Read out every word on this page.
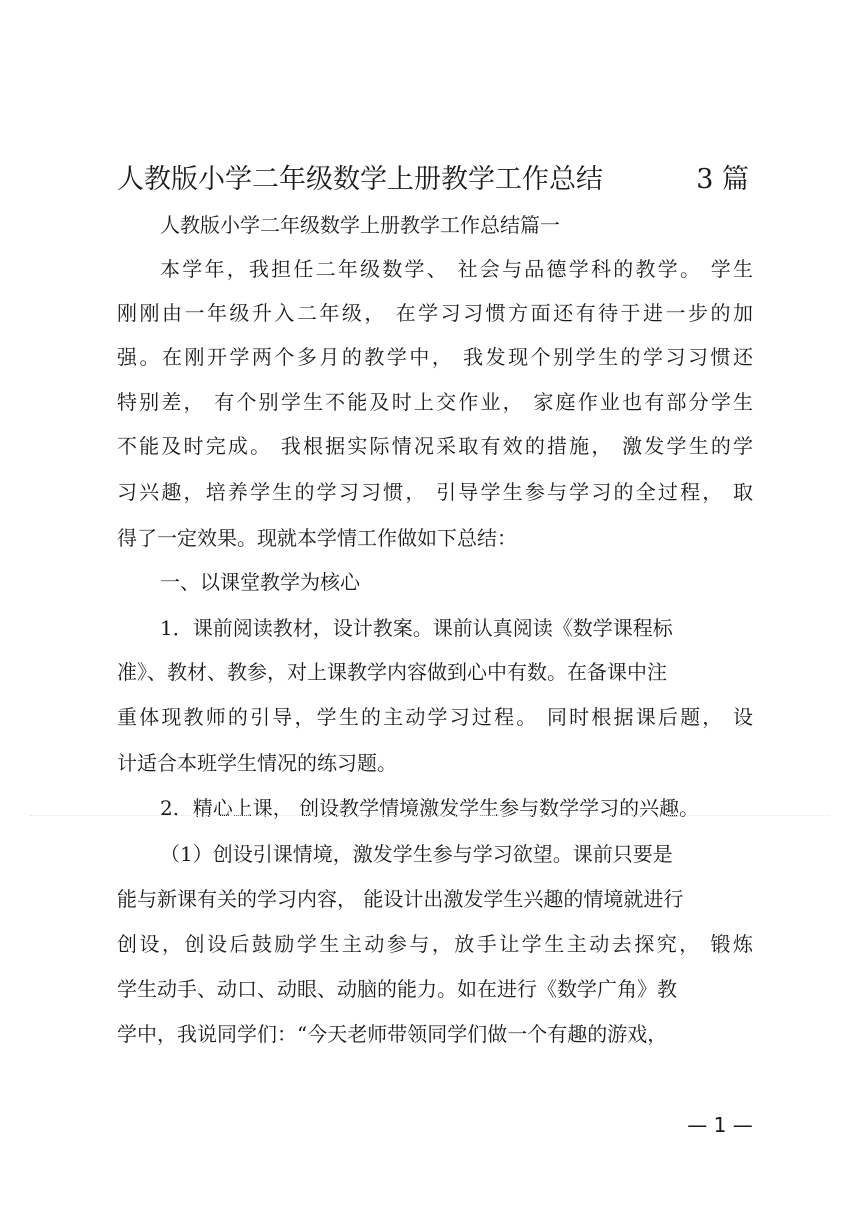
人教版小学二年级数学上册教学工作总结	3 篇
人教版小学二年级数学上册教学工作总结篇一
本学年，我担任二年级数学、 社会与品德学科的教学。 学生
刚刚由一年级升入二年级， 在学习习惯方面还有待于进一步的加
强。在刚开学两个多月的教学中， 我发现个别学生的学习习惯还
特别差， 有个别学生不能及时上交作业， 家庭作业也有部分学生
不能及时完成。 我根据实际情况采取有效的措施， 激发学生的学
习兴趣，培养学生的学习习惯， 引导学生参与学习的全过程， 取
得了一定效果。现就本学情工作做如下总结：
一、以课堂教学为核心
1．课前阅读教材，设计教案。课前认真阅读《数学课程标
准》、教材、教参，对上课教学内容做到心中有数。在备课中注
重体现教师的引导，学生的主动学习过程。 同时根据课后题， 设
计适合本班学生情况的练习题。
2．精心上课， 创设教学情境激发学生参与数学学习的兴趣。
（1）创设引课情境，激发学生参与学习欲望。课前只要是
能与新课有关的学习内容， 能设计出激发学生兴趣的情境就进行
创设，创设后鼓励学生主动参与，放手让学生主动去探究， 锻炼
学生动手、动口、动眼、动脑的能力。如在进行《数学广角》教
学中，我说同学们：“今天老师带领同学们做一个有趣的游戏，
— 1 —
